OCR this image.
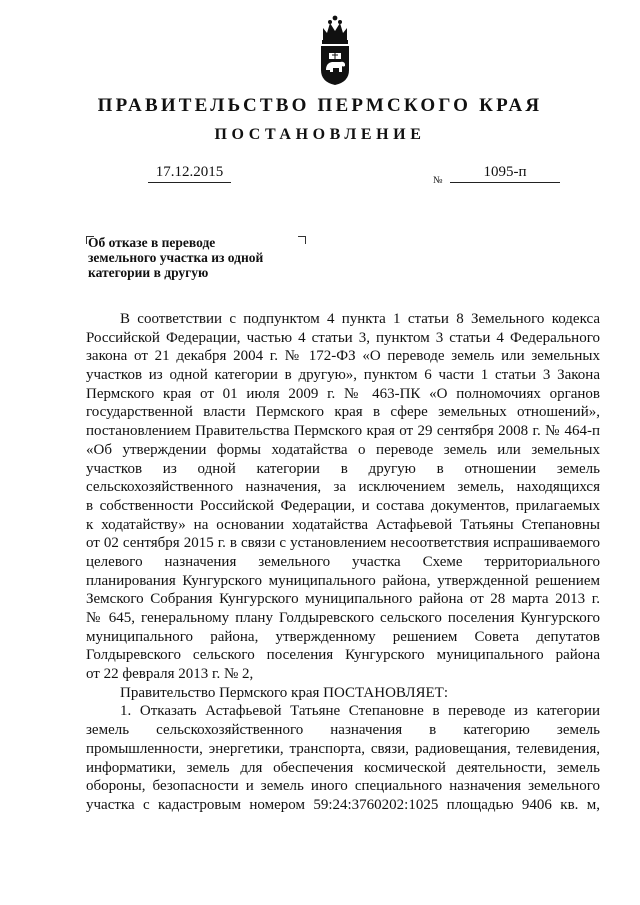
ПРАВИТЕЛЬСТВО ПЕРМСКОГО КРАЯ
ПОСТАНОВЛЕНИЕ
17.12.2015
№
1095-п
Об отказе в переводе
земельного участка из одной
категории в другую

В соответствии с подпунктом 4 пункта 1 статьи 8 Земельного кодекса
Российской Федерации, частью 4 статьи 3, пунктом 3 статьи 4 Федерального
закона от 21 декабря 2004 г. № 172-ФЗ «О переводе земель или земельных
участков из одной категории в другую», пунктом 6 части 1 статьи 3 Закона
Пермского края от 01 июля 2009 г. № 463-ПК «О полномочиях органов
государственной власти Пермского края в сфере земельных отношений»,
постановлением Правительства Пермского края от 29 сентября 2008 г. № 464-п
«Об утверждении формы ходатайства о переводе земель или земельных
участков из одной категории в другую в отношении земель
сельскохозяйственного назначения, за исключением земель, находящихся
в собственности Российской Федерации, и состава документов, прилагаемых
к ходатайству» на основании ходатайства Астафьевой Татьяны Степановны
от 02 сентября 2015 г. в связи с установлением несоответствия испрашиваемого
целевого назначения земельного участка Схеме территориального
планирования Кунгурского муниципального района, утвержденной решением
Земского Собрания Кунгурского муниципального района от 28 марта 2013 г.
№ 645, генеральному плану Голдыревского сельского поселения Кунгурского
муниципального района, утвержденному решением Совета депутатов
Голдыревского сельского поселения Кунгурского муниципального района
от 22 февраля 2013 г. № 2,

Правительство Пермского края ПОСТАНОВЛЯЕТ:

1. Отказать Астафьевой Татьяне Степановне в переводе из категории
земель сельскохозяйственного назначения в категорию земель
промышленности, энергетики, транспорта, связи, радиовещания, телевидения,
информатики, земель для обеспечения космической деятельности, земель
обороны, безопасности и земель иного специального назначения земельного
участка с кадастровым номером 59:24:3760202:1025 площадью 9406 кв. м,
